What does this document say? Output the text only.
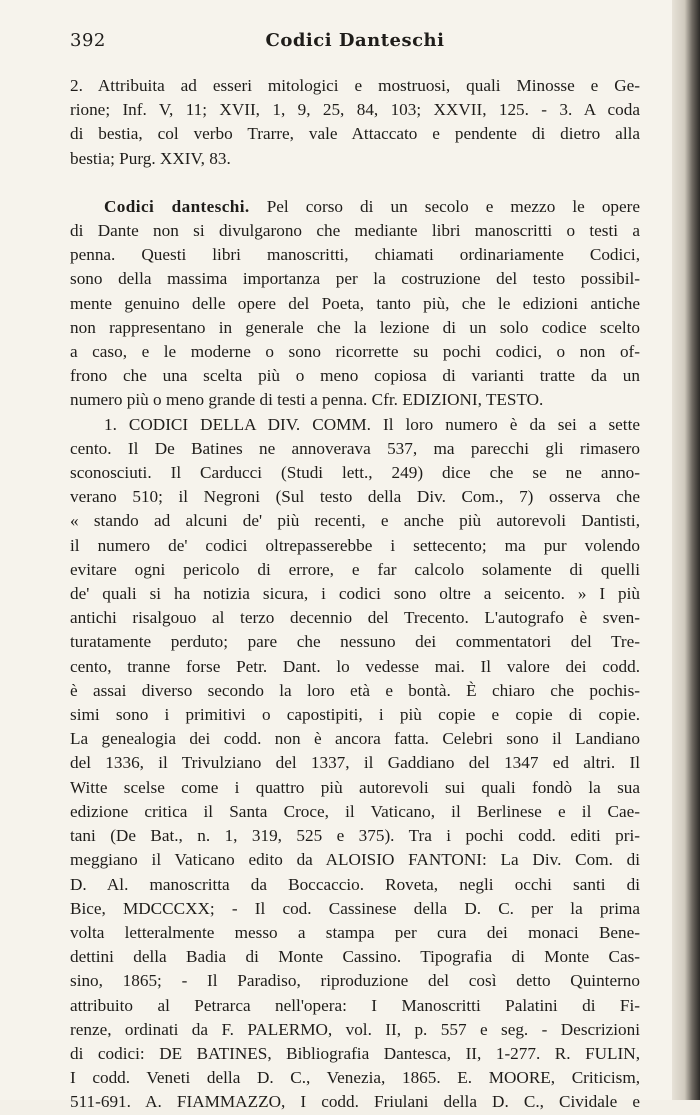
392	Codici Danteschi
2. Attribuita ad esseri mitologici e mostruosi, quali Minosse e Ge-
rione; Inf. V, 11; XVII, 1, 9, 25, 84, 103; XXVII, 125. - 3. A coda
di bestia, col verbo Trarre, vale Attaccato e pendente di dietro alla
bestia; Purg. XXIV, 83.
Codici danteschi. Pel corso di un secolo e mezzo le opere
di Dante non si divulgarono che mediante libri manoscritti o testi a
penna. Questi libri manoscritti, chiamati ordinariamente Codici,
sono della massima importanza per la costruzione del testo possibil-
mente genuino delle opere del Poeta, tanto più, che le edizioni antiche
non rappresentano in generale che la lezione di un solo codice scelto
a caso, e le moderne o sono ricorrette su pochi codici, o non of-
frono che una scelta più o meno copiosa di varianti tratte da un
numero più o meno grande di testi a penna. Cfr. EDIZIONI, TESTO.
1. CODICI DELLA DIV. COMM. Il loro numero è da sei a sette
cento. Il De Batines ne annoverava 537, ma parecchi gli rimasero
sconosciuti. Il Carducci (Studi lett., 249) dice che se ne anno-
verano 510; il Negroni (Sul testo della Div. Com., 7) osserva che
« stando ad alcuni de' più recenti, e anche più autorevoli Dantisti,
il numero de' codici oltrepasserebbe i settecento; ma pur volendo
evitare ogni pericolo di errore, e far calcolo solamente di quelli
de' quali si ha notizia sicura, i codici sono oltre a seicento. » I più
antichi risalgouo al terzo decennio del Trecento. L'autografo è sven-
turatamente perduto; pare che nessuno dei commentatori del Tre-
cento, tranne forse Petr. Dant. lo vedesse mai. Il valore dei codd.
è assai diverso secondo la loro età e bontà. È chiaro che pochis-
simi sono i primitivi o capostipiti, i più copie e copie di copie.
La genealogia dei codd. non è ancora fatta. Celebri sono il Landiano
del 1336, il Trivulziano del 1337, il Gaddiano del 1347 ed altri. Il
Witte scelse come i quattro più autorevoli sui quali fondò la sua
edizione critica il Santa Croce, il Vaticano, il Berlinese e il Cae-
tani (De Bat., n. 1, 319, 525 e 375). Tra i pochi codd. editi pri-
meggiano il Vaticano edito da ALOISIO FANTONI: La Div. Com. di
D. Al. manoscritta da Boccaccio. Roveta, negli occhi santi di
Bice, MDCCCXX; - Il cod. Cassinese della D. C. per la prima
volta letteralmente messo a stampa per cura dei monaci Bene-
dettini della Badia di Monte Cassino. Tipografia di Monte Cas-
sino, 1865; - Il Paradiso, riproduzione del così detto Quinterno
attribuito al Petrarca nell'opera: I Manoscritti Palatini di Fi-
renze, ordinati da F. PALERMO, vol. II, p. 557 e seg. - Descrizioni
di codici: DE BATINES, Bibliografia Dantesca, II, 1-277. R. FULIN,
I codd. Veneti della D. C., Venezia, 1865. E. MOORE, Criticism,
511-691. A. FIAMMAZZO, I codd. Friulani della D. C., Cividale e
